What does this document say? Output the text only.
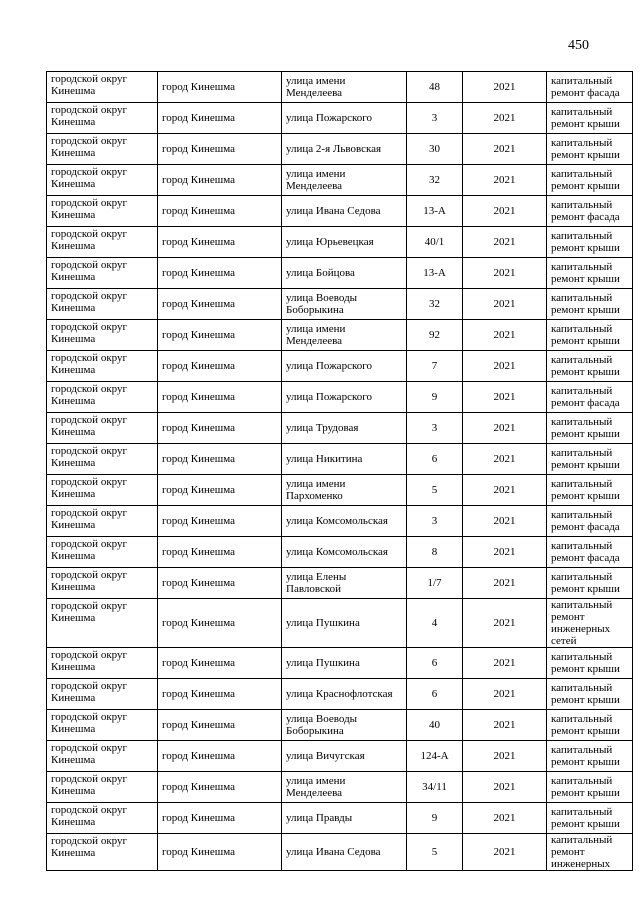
450
городской округ Кинешма	город Кинешма	улица имени Менделеева	48	2021	капитальный ремонт фасада
городской округ Кинешма	город Кинешма	улица Пожарского	3	2021	капитальный ремонт крыши
городской округ Кинешма	город Кинешма	улица 2-я Львовская	30	2021	капитальный ремонт крыши
городской округ Кинешма	город Кинешма	улица имени Менделеева	32	2021	капитальный ремонт крыши
городской округ Кинешма	город Кинешма	улица Ивана Седова	13-А	2021	капитальный ремонт фасада
городской округ Кинешма	город Кинешма	улица Юрьевецкая	40/1	2021	капитальный ремонт крыши
городской округ Кинешма	город Кинешма	улица Бойцова	13-А	2021	капитальный ремонт крыши
городской округ Кинешма	город Кинешма	улица Воеводы Боборыкина	32	2021	капитальный ремонт крыши
городской округ Кинешма	город Кинешма	улица имени Менделеева	92	2021	капитальный ремонт крыши
городской округ Кинешма	город Кинешма	улица Пожарского	7	2021	капитальный ремонт крыши
городской округ Кинешма	город Кинешма	улица Пожарского	9	2021	капитальный ремонт фасада
городской округ Кинешма	город Кинешма	улица Трудовая	3	2021	капитальный ремонт крыши
городской округ Кинешма	город Кинешма	улица Никитина	6	2021	капитальный ремонт крыши
городской округ Кинешма	город Кинешма	улица имени Пархоменко	5	2021	капитальный ремонт крыши
городской округ Кинешма	город Кинешма	улица Комсомольская	3	2021	капитальный ремонт фасада
городской округ Кинешма	город Кинешма	улица Комсомольская	8	2021	капитальный ремонт фасада
городской округ Кинешма	город Кинешма	улица Елены Павловской	1/7	2021	капитальный ремонт крыши
городской округ Кинешма	город Кинешма	улица Пушкина	4	2021	капитальный ремонт инженерных сетей
городской округ Кинешма	город Кинешма	улица Пушкина	6	2021	капитальный ремонт крыши
городской округ Кинешма	город Кинешма	улица Краснофлотская	6	2021	капитальный ремонт крыши
городской округ Кинешма	город Кинешма	улица Воеводы Боборыкина	40	2021	капитальный ремонт крыши
городской округ Кинешма	город Кинешма	улица Вичугская	124-А	2021	капитальный ремонт крыши
городской округ Кинешма	город Кинешма	улица имени Менделеева	34/11	2021	капитальный ремонт крыши
городской округ Кинешма	город Кинешма	улица Правды	9	2021	капитальный ремонт крыши
городской округ Кинешма	город Кинешма	улица Ивана Седова	5	2021	капитальный ремонт инженерных
